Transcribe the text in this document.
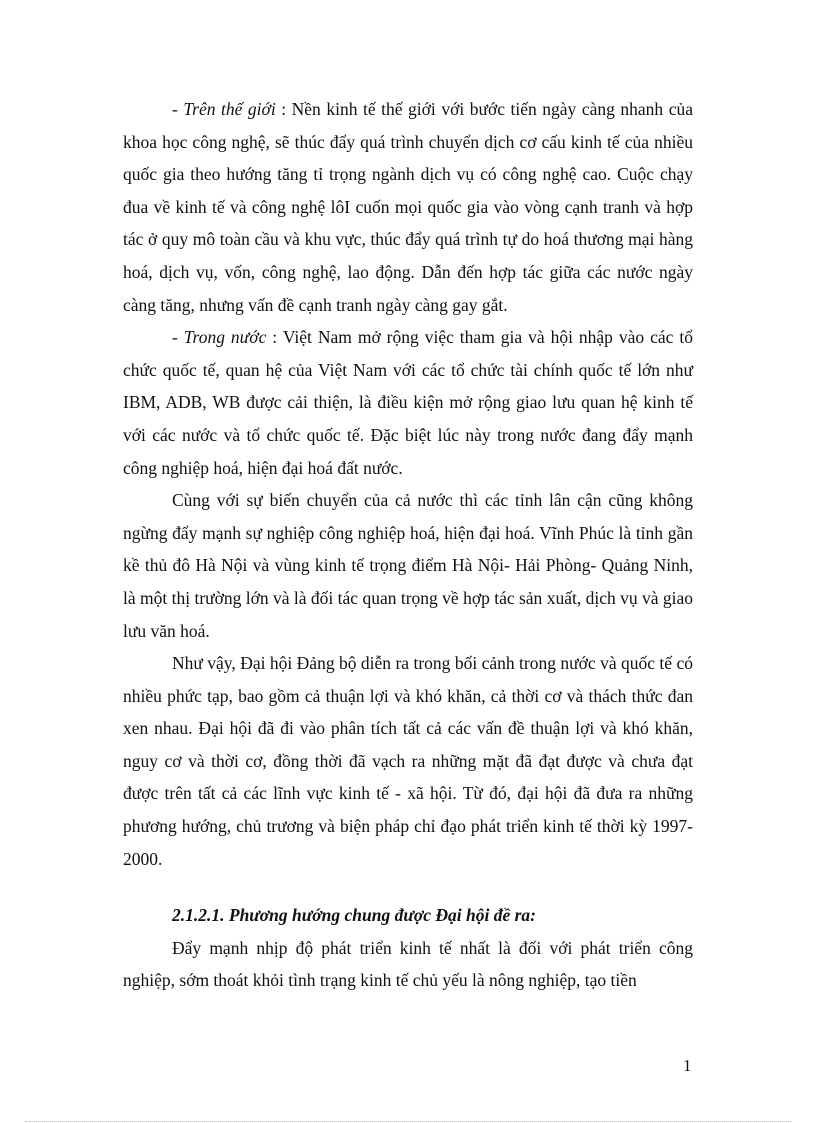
- Trên thế giới : Nền kinh tế thế giới với bước tiến ngày càng nhanh của khoa học công nghệ, sẽ thúc đẩy quá trình chuyển dịch cơ cấu kinh tế của nhiều quốc gia theo hướng tăng tỉ trọng ngành dịch vụ có công nghệ cao. Cuộc chạy đua về kinh tế và công nghệ lôI cuốn mọi quốc gia vào vòng cạnh tranh và hợp tác ở quy mô toàn cầu và khu vực, thúc đẩy quá trình tự do hoá thương mại hàng hoá, dịch vụ, vốn, công nghệ, lao động. Dẫn đến hợp tác giữa các nước ngày càng tăng, nhưng vấn đề cạnh tranh ngày càng gay gắt.

- Trong nước : Việt Nam mở rộng việc tham gia và hội nhập vào các tổ chức quốc tế, quan hệ của Việt Nam với các tổ chức tài chính quốc tế lớn như IBM, ADB, WB được cải thiện, là điều kiện mở rộng giao lưu quan hệ kinh tế với các nước và tổ chức quốc tế. Đặc biệt lúc này trong nước đang đẩy mạnh công nghiệp hoá, hiện đại hoá đất nước.

Cùng với sự biến chuyển của cả nước thì các tỉnh lân cận cũng không ngừng đẩy mạnh sự nghiệp công nghiệp hoá, hiện đại hoá. Vĩnh Phúc là tỉnh gần kề thủ đô Hà Nội và vùng kinh tế trọng điểm Hà Nội- Hải Phòng- Quảng Ninh, là một thị trường lớn và là đối tác quan trọng về hợp tác sản xuất, dịch vụ và giao lưu văn hoá.

Như vậy, Đại hội Đảng bộ diễn ra trong bối cảnh trong nước và quốc tế có nhiều phức tạp, bao gồm cả thuận lợi và khó khăn, cả thời cơ và thách thức đan xen nhau. Đại hội đã đi vào phân tích tất cả các vấn đề thuận lợi và khó khăn, nguy cơ và thời cơ, đồng thời đã vạch ra những mặt đã đạt được và chưa đạt được trên tất cả các lĩnh vực kinh tế - xã hội. Từ đó, đại hội đã đưa ra những phương hướng, chủ trương và biện pháp chỉ đạo phát triển kinh tế thời kỳ 1997-2000.

2.1.2.1. Phương hướng chung được Đại hội đề ra:

Đẩy mạnh nhịp độ phát triển kinh tế nhất là đối với phát triển công nghiệp, sớm thoát khỏi tình trạng kinh tế chủ yếu là nông nghiệp, tạo tiền

1
